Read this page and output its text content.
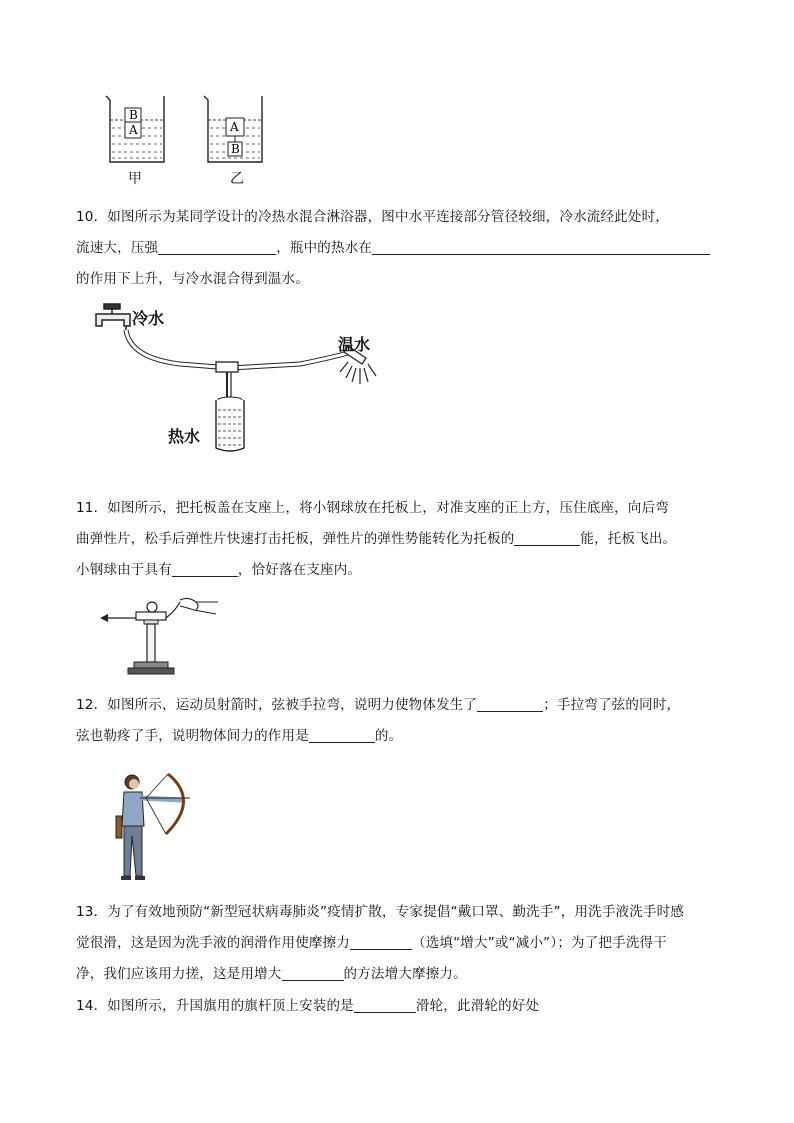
B
A	A
B
甲	乙
10．如图所示为某同学设计的冷热水混合淋浴器，图中水平连接部分管径较细，冷水流经此处时，
流速大，压强	，瓶中的热水在
的作用下上升，与冷水混合得到温水。
冷水
温水
热水
11．如图所示，把托板盖在支座上，将小钢球放在托板上，对准支座的正上方，压住底座，向后弯
曲弹性片，松手后弹性片快速打击托板，弹性片的弹性势能转化为托板的	能，托板飞出。
小钢球由于具有	，恰好落在支座内。
12．如图所示，运动员射箭时，弦被手拉弯，说明力使物体发生了	；手拉弯了弦的同时，
弦也勒疼了手，说明物体间力的作用是	的。
13．为了有效地预防“新型冠状病毒肺炎”疫情扩散，专家提倡“戴口罩、勤洗手”，用洗手液洗手时感
觉很滑，这是因为洗手液的润滑作用使摩擦力	（选填“增大”或“减小”）；为了把手洗得干
净，我们应该用力搓，这是用增大	的方法增大摩擦力。
14．如图所示，升国旗用的旗杆顶上安装的是	滑轮，此滑轮的好处
